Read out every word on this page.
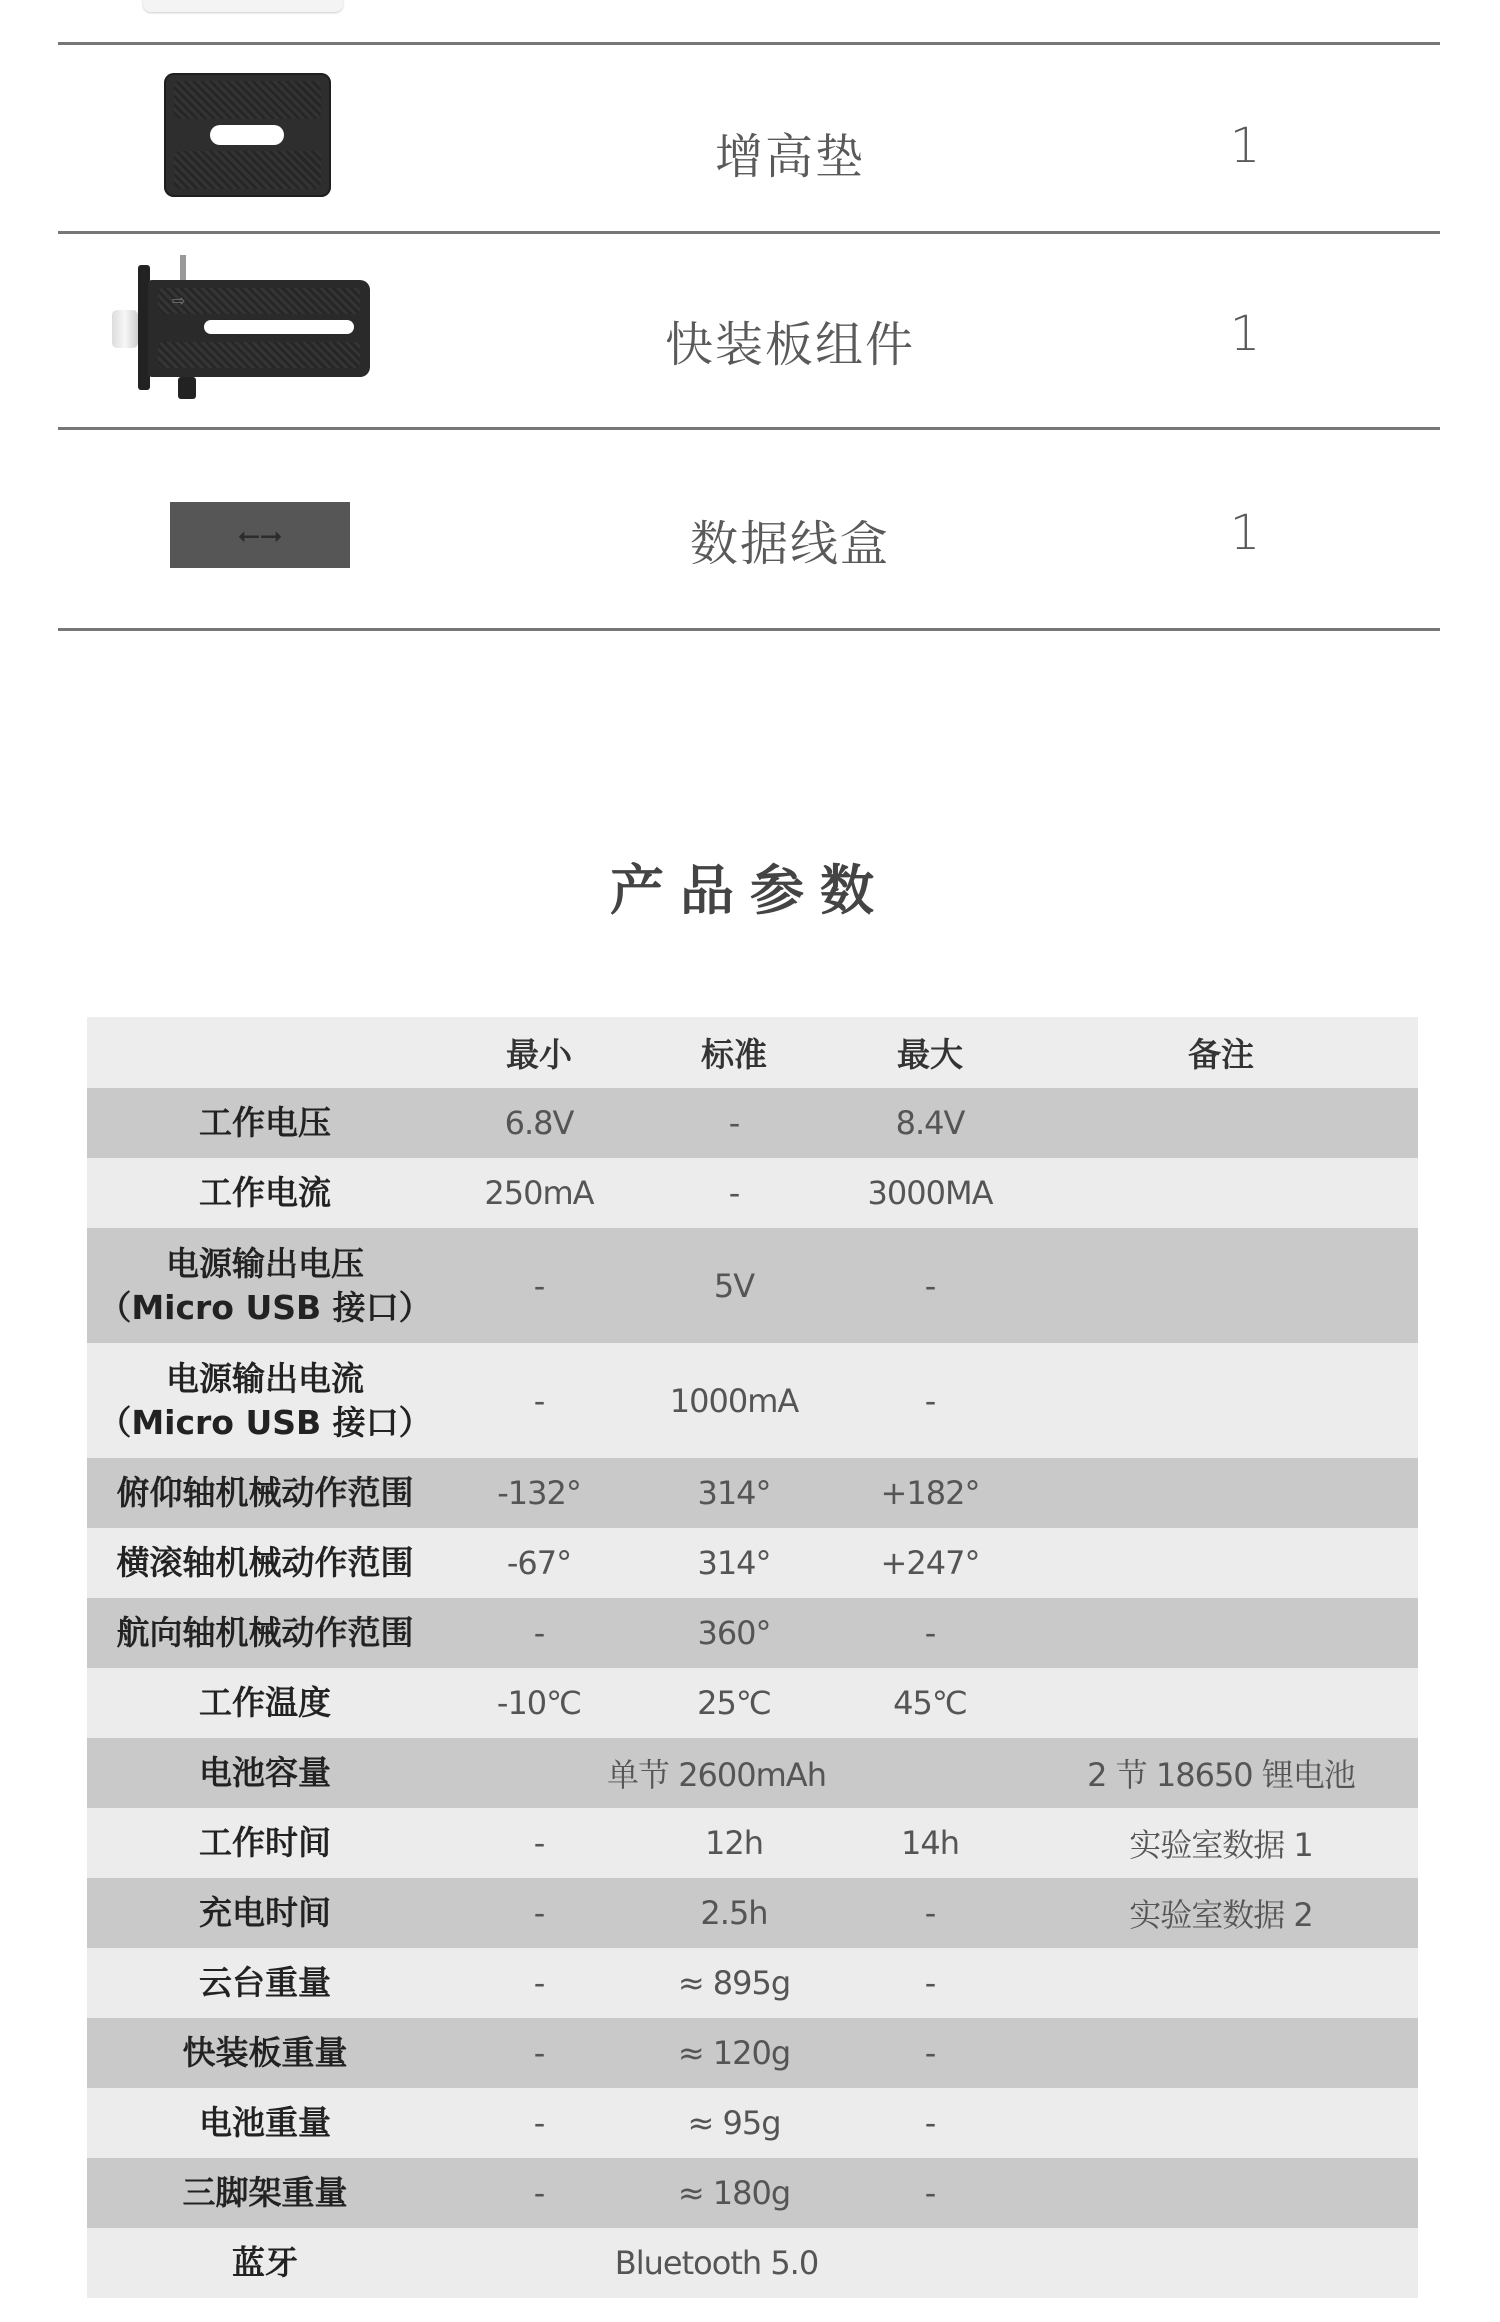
增高垫	1
⇨
快装板组件	1
⭠⭢	数据线盒	1
产品参数
最小	标准	最大	备注
工作电压	6.8V	-	8.4V
工作电流	250mA	-	3000MA
电源输出电压
（Micro USB 接口）
-	5V	-
电源输出电流
（Micro USB 接口）
-	1000mA	-
俯仰轴机械动作范围	-132°	314°	+182°
横滚轴机械动作范围	-67°	314°	+247°
航向轴机械动作范围	-	360°	-
工作温度	-10℃	25℃	45℃
电池容量	单节 2600mAh	2 节 18650 锂电池
工作时间	-	12h	14h	实验室数据 1
充电时间	-	2.5h	-	实验室数据 2
云台重量	-	≈ 895g	-
快装板重量	-	≈ 120g	-
电池重量	-	≈ 95g	-
三脚架重量	-	≈ 180g	-
蓝牙	Bluetooth 5.0
